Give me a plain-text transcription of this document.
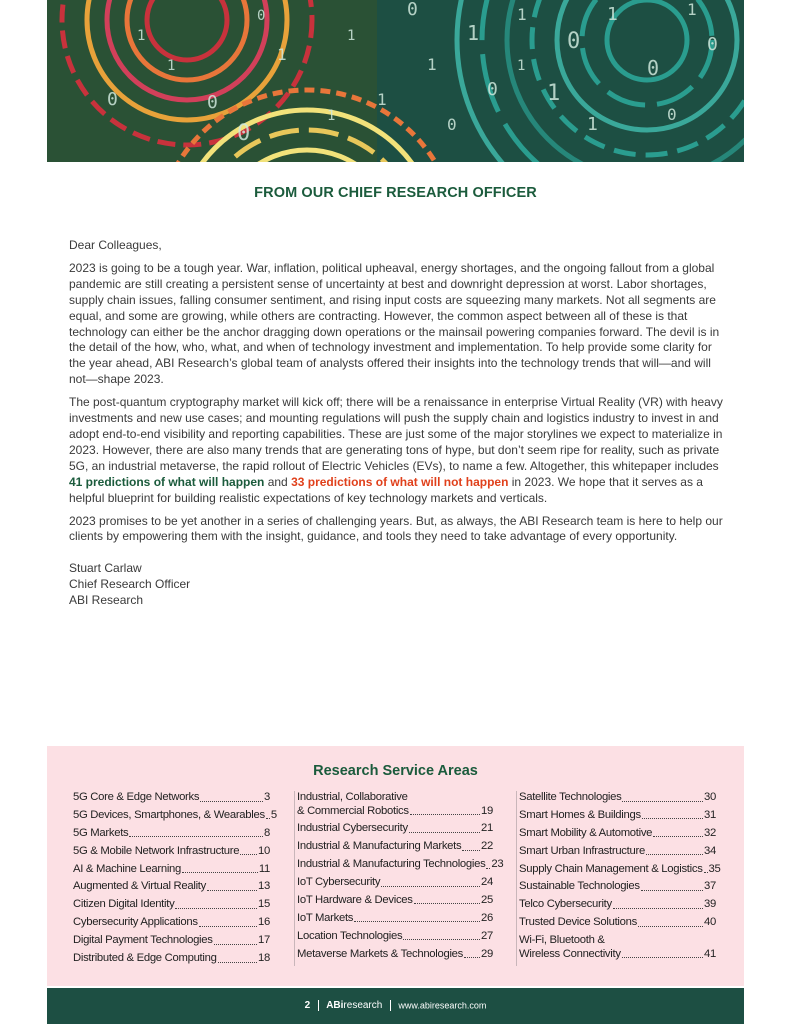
0
1
1
0
1
0
1
1
0
1
0
1
1
0
0
1
1
0
1
0
1
1
0
1
0
FROM OUR CHIEF RESEARCH OFFICER

Dear Colleagues,

2023 is going to be a tough year. War, inflation, political upheaval, energy shortages, and the ongoing fallout from a global pandemic are still creating a persistent sense of uncertainty at best and downright depression at worst. Labor shortages, supply chain issues, falling consumer sentiment, and rising input costs are squeezing many markets. Not all segments are equal, and some are growing, while others are contracting. However, the common aspect between all of these is that technology can either be the anchor dragging down operations or the mainsail powering companies forward. The devil is in the detail of the how, who, what, and when of technology investment and implementation. To help provide some clarity for the year ahead, ABI Research’s global team of analysts offered their insights into the technology trends that will—and will not—shape 2023.

The post-quantum cryptography market will kick off; there will be a renaissance in enterprise Virtual Reality (VR) with heavy investments and new use cases; and mounting regulations will push the supply chain and logistics industry to invest in and adopt end-to-end visibility and reporting capabilities. These are just some of the major storylines we expect to materialize in 2023. However, there are also many trends that are generating tons of hype, but don’t seem ripe for reality, such as private 5G, an industrial metaverse, the rapid rollout of Electric Vehicles (EVs), to name a few. Altogether, this whitepaper includes 41 predictions of what will happen and 33 predictions of what will not happen in 2023. We hope that it serves as a helpful blueprint for building realistic expectations of key technology markets and verticals.

2023 promises to be yet another in a series of challenging years. But, as always, the ABI Research team is here to help our clients by empowering them with the insight, guidance, and tools they need to take advantage of every opportunity.

Stuart Carlaw
Chief Research Officer
ABI Research
Research Service Areas
5G Core & Edge Networks	3
5G Devices, Smartphones, & Wearables 5
5G Markets	8
5G & Mobile Network Infrastructure 10
AI & Machine Learning	11
Augmented & Virtual Reality	13
Citizen Digital Identity	15
Cybersecurity Applications	16
Digital Payment Technologies	17
Distributed & Edge Computing	18
Industrial, Collaborative
& Commercial Robotics	19
Industrial Cybersecurity	21
Industrial & Manufacturing Markets 22
Industrial & Manufacturing Technologies 23
IoT Cybersecurity	24
IoT Hardware & Devices	25
IoT Markets	26
Location Technologies	27
Metaverse Markets & Technologies 29
Satellite Technologies	30
Smart Homes & Buildings	31
Smart Mobility & Automotive	32
Smart Urban Infrastructure	34
Supply Chain Management & Logistics 35
Sustainable Technologies	37
Telco Cybersecurity	39
Trusted Device Solutions	40
Wi-Fi, Bluetooth &
Wireless Connectivity	41
2 ABiresearch www.abiresearch.com
